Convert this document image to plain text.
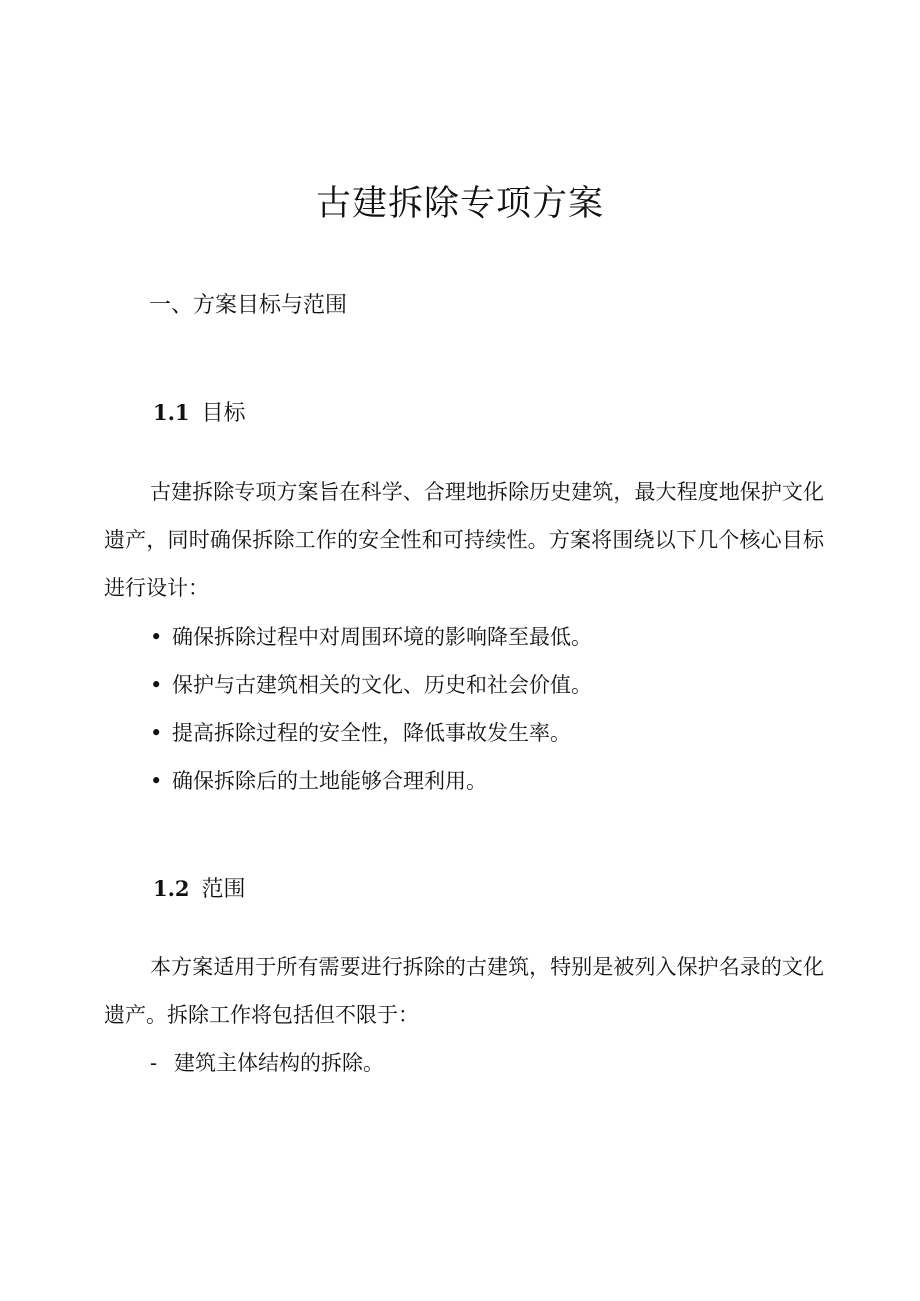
古建拆除专项方案
一、方案目标与范围
1.1 目标

古建拆除专项方案旨在科学、合理地拆除历史建筑，最大程度地保护文化遗产，同时确保拆除工作的安全性和可持续性。方案将围绕以下几个核心目标进行设计：

• 确保拆除过程中对周围环境的影响降至最低。
• 保护与古建筑相关的文化、历史和社会价值。
• 提高拆除过程的安全性，降低事故发生率。
• 确保拆除后的土地能够合理利用。
1.2 范围

本方案适用于所有需要进行拆除的古建筑，特别是被列入保护名录的文化遗产。拆除工作将包括但不限于：

- 建筑主体结构的拆除。
